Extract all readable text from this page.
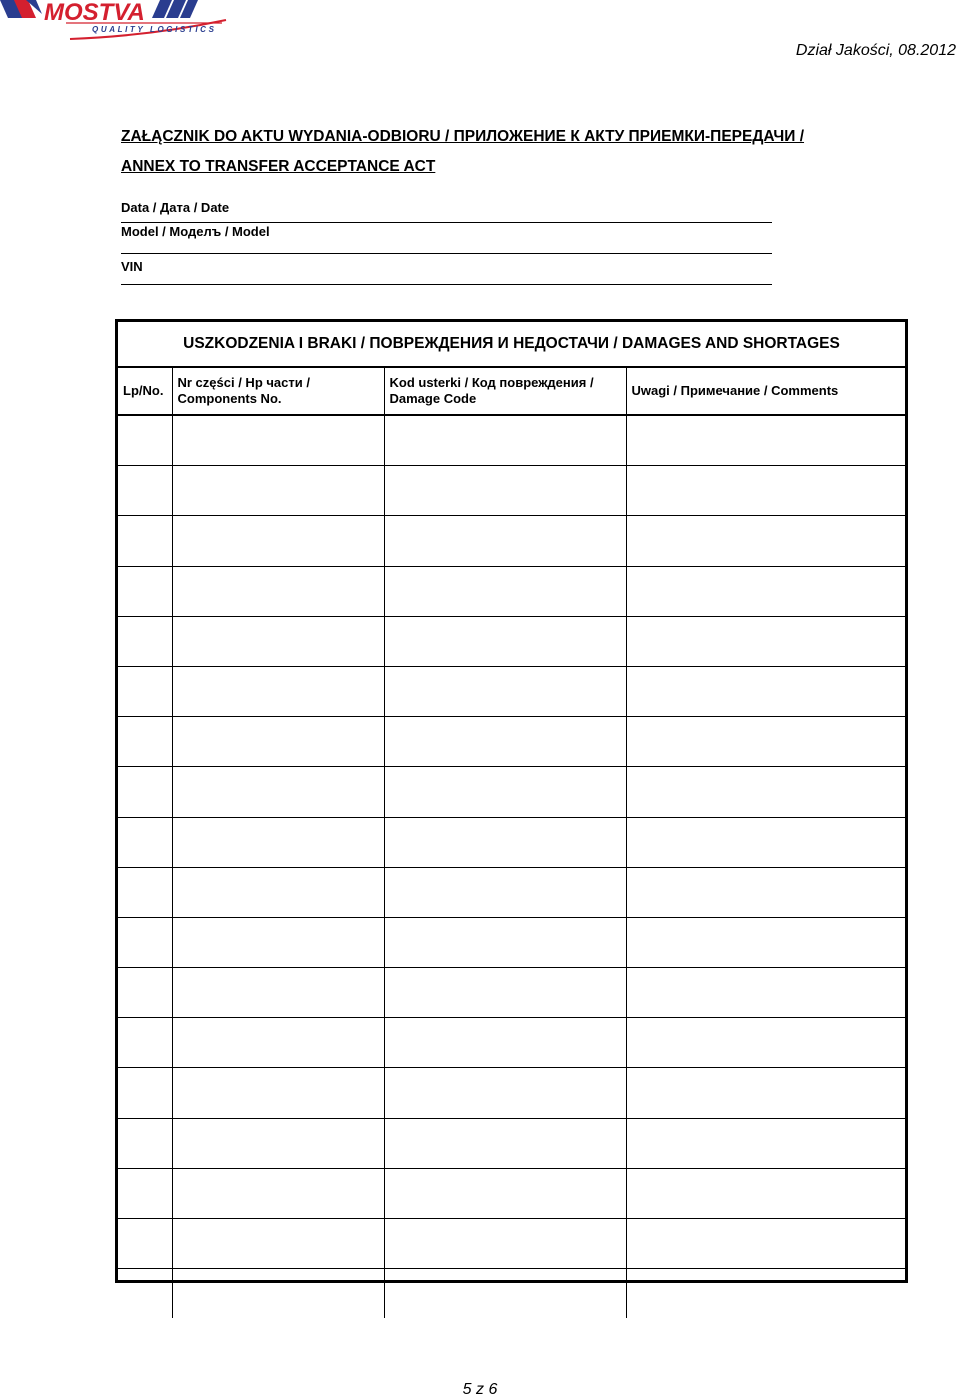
MOSTVA
QUALITY LOGISTICS
Dział Jakości, 08.2012
ZAŁĄCZNIK DO AKTU WYDANIA-ODBIORU / ПРИЛОЖЕНИЕ К АКТУ ПРИЕМКИ-ПЕРЕДАЧИ /
ANNEX TO TRANSFER ACCEPTANCE ACT
Data / Дата / Date
Model / Моделъ / Model
VIN
USZKODZENIA I BRAKI / ПОВРЕЖДЕНИЯ И НЕДОСТАЧИ / DAMAGES AND SHORTAGES
Lp/No.	Nr części / Нр части / Components No.	Kod usterki / Код повреждения / Damage Code	Uwagi / Примечание / Comments

5 z 6
